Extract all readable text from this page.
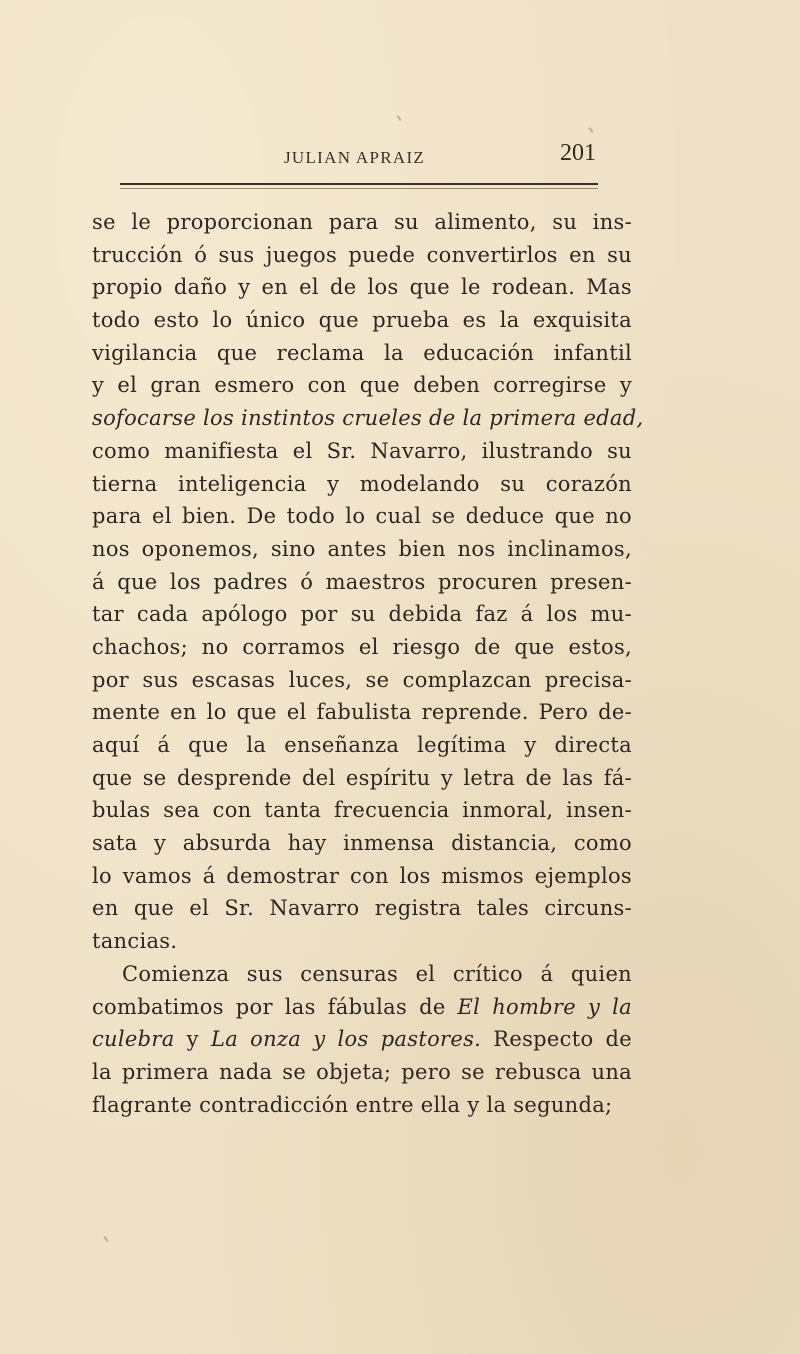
JULIAN APRAIZ	201
se le proporcionan para su alimento, su ins-
trucción ó sus juegos puede convertirlos en su
propio daño y en el de los que le rodean. Mas
todo esto lo único que prueba es la exquisita
vigilancia que reclama la educación infantil
y el gran esmero con que deben corregirse y
sofocarse los instintos crueles de la primera edad,
como manifiesta el Sr. Navarro, ilustrando su
tierna inteligencia y modelando su corazón
para el bien. De todo lo cual se deduce que no
nos oponemos, sino antes bien nos inclinamos,
á que los padres ó maestros procuren presen-
tar cada apólogo por su debida faz á los mu-
chachos; no corramos el riesgo de que estos,
por sus escasas luces, se complazcan precisa-
mente en lo que el fabulista reprende. Pero de-
aquí á que la enseñanza legítima y directa
que se desprende del espíritu y letra de las fá-
bulas sea con tanta frecuencia inmoral, insen-
sata y absurda hay inmensa distancia, como
lo vamos á demostrar con los mismos ejemplos
en que el Sr. Navarro registra tales circuns-
tancias.
Comienza sus censuras el crítico á quien
combatimos por las fábulas de El hombre y la
culebra y La onza y los pastores. Respecto de
la primera nada se objeta; pero se rebusca una
flagrante contradicción entre ella y la segunda;
